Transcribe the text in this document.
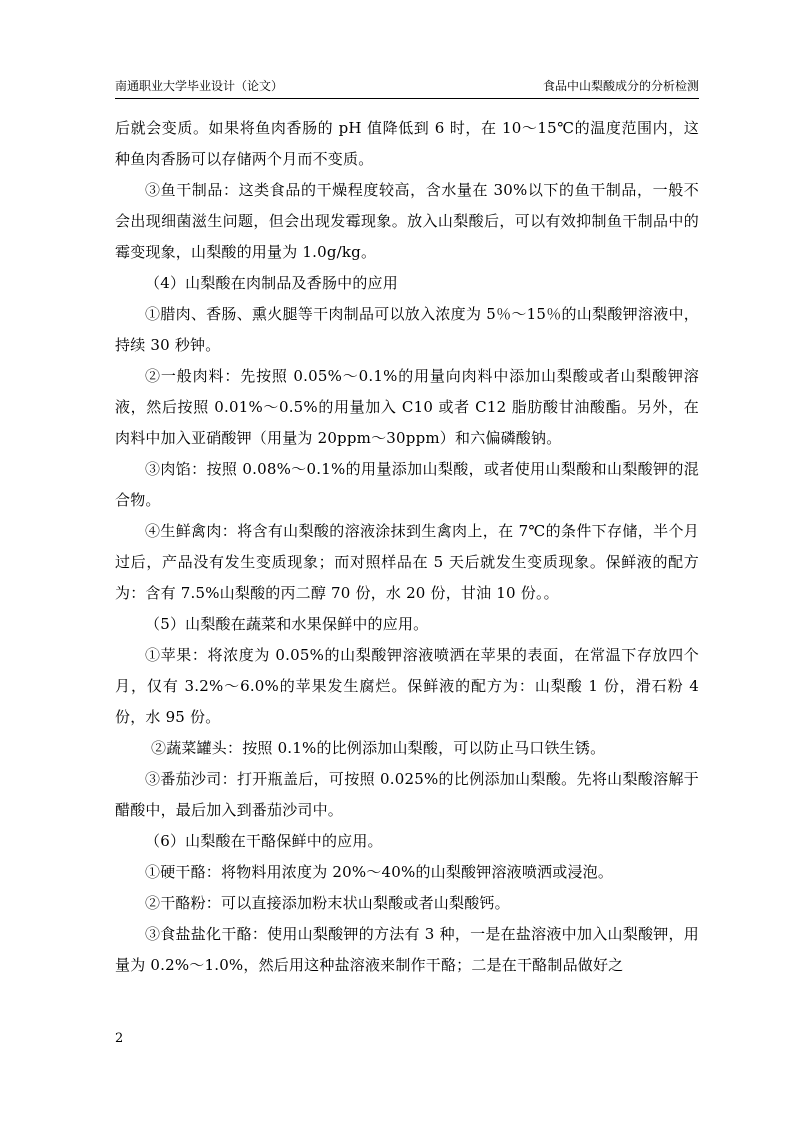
南通职业大学毕业设计（论文）	食品中山梨酸成分的分析检测

后就会变质。如果将鱼肉香肠的 pH 值降低到 6 时，在 10～15℃的温度范围内，这种鱼肉香肠可以存储两个月而不变质。

③鱼干制品：这类食品的干燥程度较高，含水量在 30%以下的鱼干制品，一般不会出现细菌滋生问题，但会出现发霉现象。放入山梨酸后，可以有效抑制鱼干制品中的霉变现象，山梨酸的用量为 1.0g/kg。

（4）山梨酸在肉制品及香肠中的应用

①腊肉、香肠、熏火腿等干肉制品可以放入浓度为 5％～15％的山梨酸钾溶液中，持续 30 秒钟。

②一般肉料：先按照 0.05%～0.1%的用量向肉料中添加山梨酸或者山梨酸钾溶液，然后按照 0.01%～0.5%的用量加入 C10 或者 C12 脂肪酸甘油酸酯。另外，在肉料中加入亚硝酸钾（用量为 20ppm～30ppm）和六偏磷酸钠。

③肉馅：按照 0.08%～0.1%的用量添加山梨酸，或者使用山梨酸和山梨酸钾的混合物。

④生鲜禽肉：将含有山梨酸的溶液涂抹到生禽肉上，在 7℃的条件下存储，半个月过后，产品没有发生变质现象；而对照样品在 5 天后就发生变质现象。保鲜液的配方为：含有 7.5%山梨酸的丙二醇 70 份，水 20 份，甘油 10 份。。

（5）山梨酸在蔬菜和水果保鲜中的应用。

①苹果：将浓度为 0.05%的山梨酸钾溶液喷洒在苹果的表面，在常温下存放四个月，仅有 3.2%～6.0%的苹果发生腐烂。保鲜液的配方为：山梨酸 1 份，滑石粉 4 份，水 95 份。

②蔬菜罐头：按照 0.1%的比例添加山梨酸，可以防止马口铁生锈。

③番茄沙司：打开瓶盖后，可按照 0.025%的比例添加山梨酸。先将山梨酸溶解于醋酸中，最后加入到番茄沙司中。

（6）山梨酸在干酪保鲜中的应用。

①硬干酪：将物料用浓度为 20%～40%的山梨酸钾溶液喷洒或浸泡。

②干酪粉：可以直接添加粉末状山梨酸或者山梨酸钙。

③食盐盐化干酪：使用山梨酸钾的方法有 3 种，一是在盐溶液中加入山梨酸钾，用量为 0.2%～1.0%，然后用这种盐溶液来制作干酪；二是在干酪制品做好之

2
